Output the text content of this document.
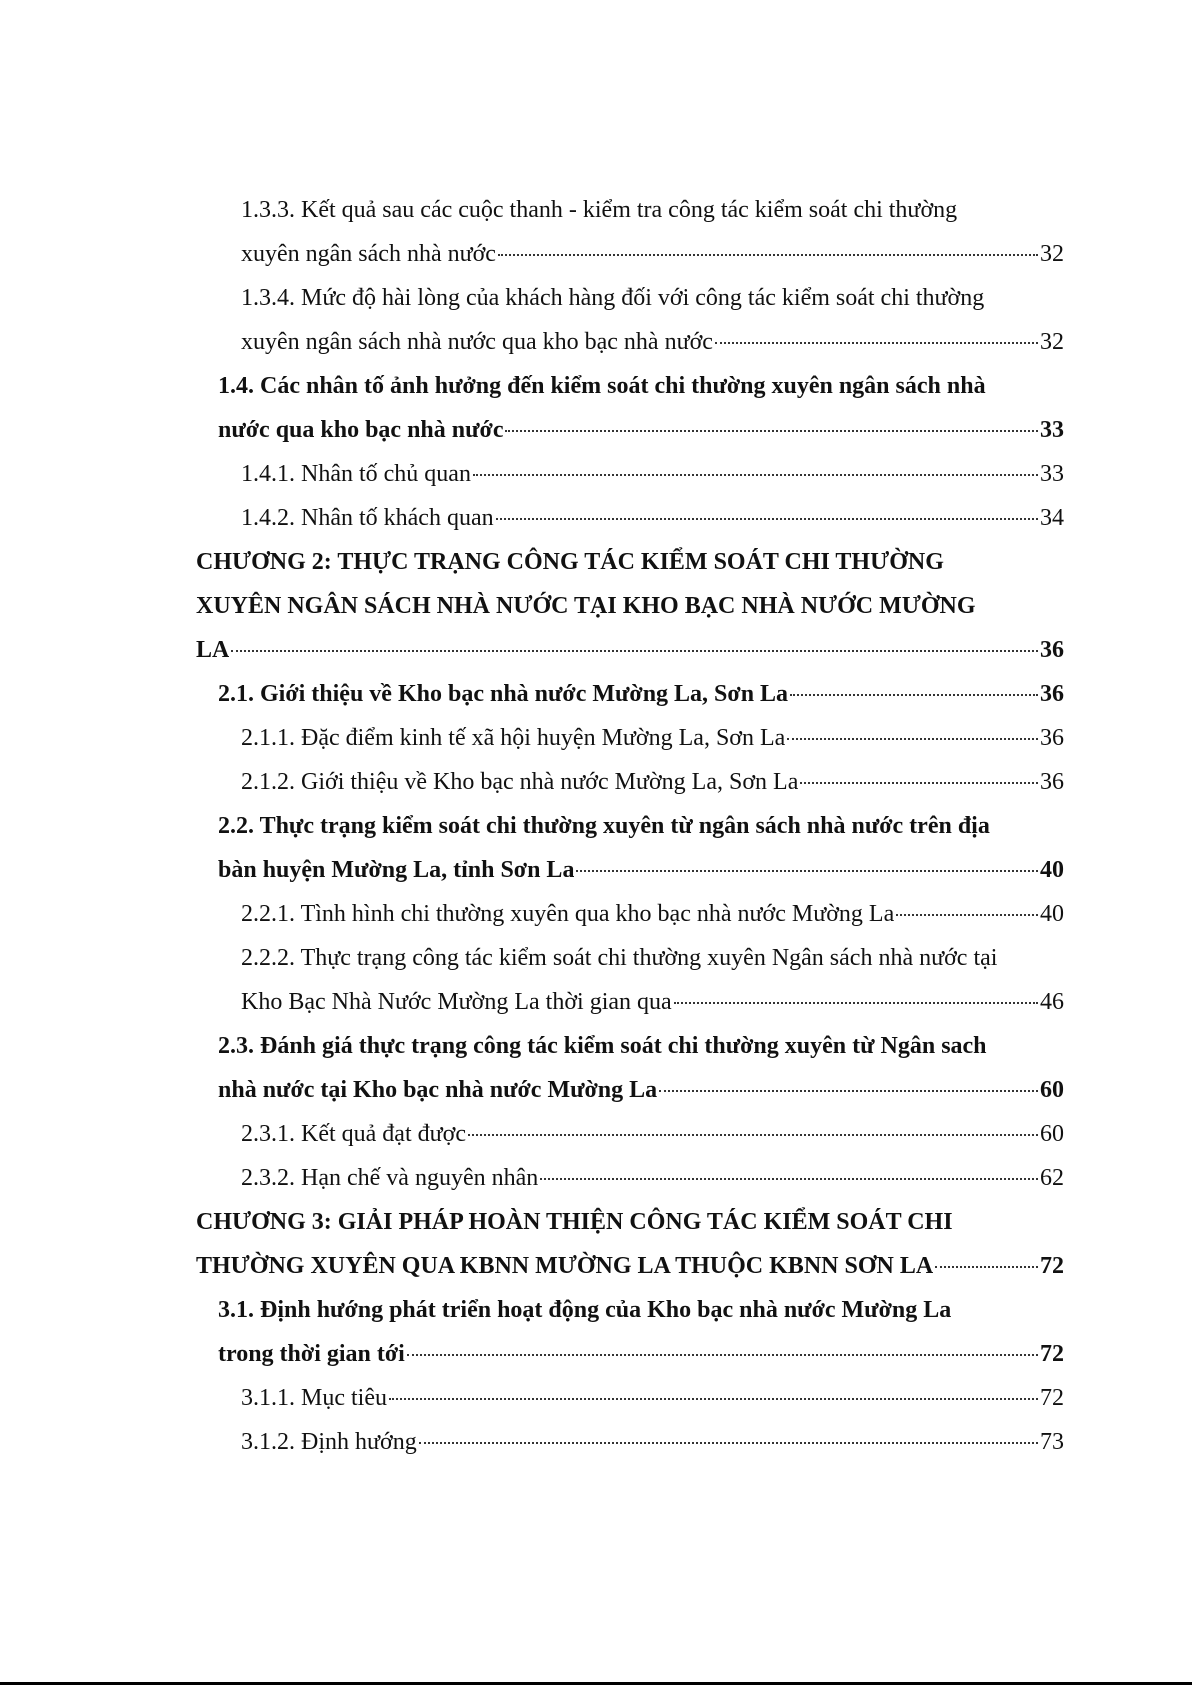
1.3.3. Kết quả sau các cuộc thanh - kiểm tra công tác kiểm soát chi thường
xuyên ngân sách nhà nước	32
1.3.4. Mức độ hài lòng của khách hàng đối với công tác kiểm soát chi thường
xuyên ngân sách nhà nước qua kho bạc nhà nước	32
1.4. Các nhân tố ảnh hưởng đến kiểm soát chi thường xuyên ngân sách nhà
nước qua kho bạc nhà nước	33
1.4.1. Nhân tố chủ quan	33
1.4.2. Nhân tố khách quan	34
CHƯƠNG 2: THỰC TRẠNG CÔNG TÁC KIỂM SOÁT CHI THƯỜNG
XUYÊN NGÂN SÁCH NHÀ NƯỚC TẠI KHO BẠC NHÀ NƯỚC MƯỜNG
LA	36
2.1. Giới thiệu về Kho bạc nhà nước Mường La, Sơn La	36
2.1.1. Đặc điểm kinh tế xã hội huyện Mường La, Sơn La	36
2.1.2. Giới thiệu về Kho bạc nhà nước Mường La, Sơn La	36
2.2. Thực trạng kiểm soát chi thường xuyên từ ngân sách nhà nước trên địa
bàn huyện Mường La, tỉnh Sơn La	40
2.2.1. Tình hình chi thường xuyên qua kho bạc nhà nước Mường La	40
2.2.2. Thực trạng công tác kiểm soát chi thường xuyên Ngân sách nhà nước tại
Kho Bạc Nhà Nước Mường La thời gian qua	46
2.3. Đánh giá thực trạng công tác kiểm soát chi thường xuyên từ Ngân sach
nhà nước tại Kho bạc nhà nước Mường La	60
2.3.1. Kết quả đạt được	60
2.3.2. Hạn chế và nguyên nhân	62
CHƯƠNG 3: GIẢI PHÁP HOÀN THIỆN CÔNG TÁC KIỂM SOÁT CHI
THƯỜNG XUYÊN QUA KBNN MƯỜNG LA THUỘC KBNN SƠN LA	72
3.1. Định hướng phát triển hoạt động của Kho bạc nhà nước Mường La
trong thời gian tới	72
3.1.1. Mục tiêu	72
3.1.2. Định hướng	73
